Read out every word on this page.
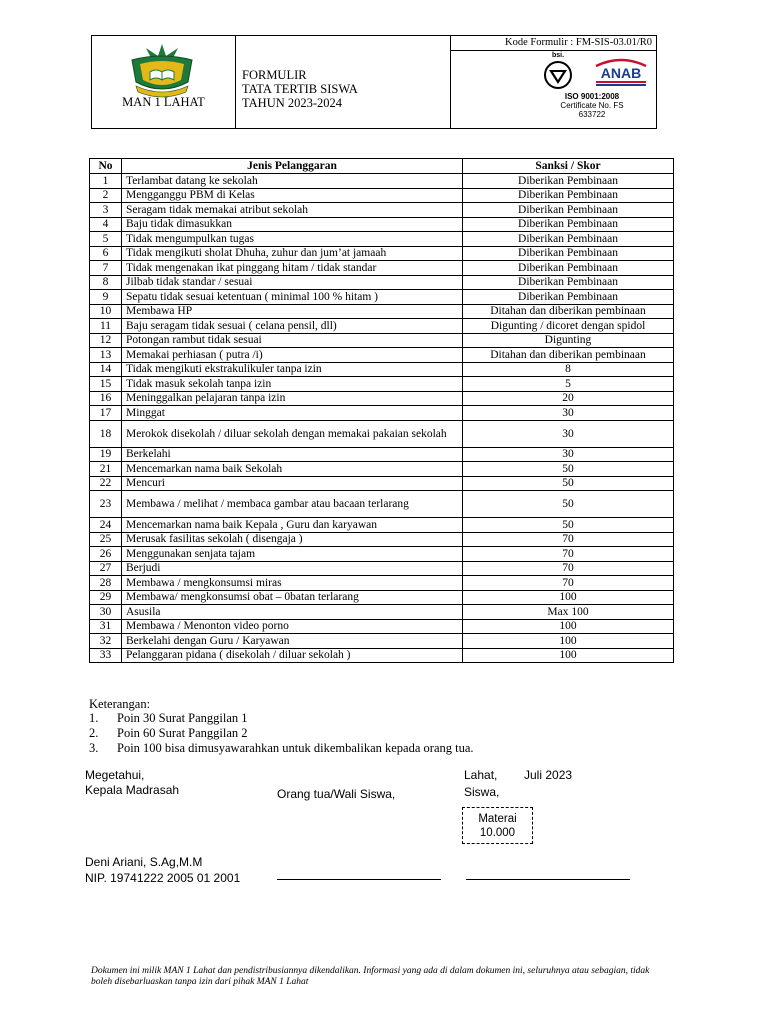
MAN 1 LAHAT
FORMULIR
TATA TERTIB SISWA
TAHUN 2023-2024
Kode Formulir : FM-SIS-03.01/R0
bsi.
ANAB
ISO 9001:2008
Certificate No. FS
633722
No	Jenis Pelanggaran	Sanksi / Skor
1	Terlambat datang ke sekolah	Diberikan Pembinaan
2	Mengganggu PBM di Kelas	Diberikan Pembinaan
3	Seragam tidak memakai atribut sekolah	Diberikan Pembinaan
4	Baju tidak dimasukkan	Diberikan Pembinaan
5	Tidak mengumpulkan tugas	Diberikan Pembinaan
6	Tidak mengikuti sholat Dhuha, zuhur dan jum’at jamaah	Diberikan Pembinaan
7	Tidak mengenakan ikat pinggang hitam / tidak standar	Diberikan Pembinaan
8	Jilbab tidak standar / sesuai	Diberikan Pembinaan
9	Sepatu tidak sesuai ketentuan ( minimal 100 % hitam )	Diberikan Pembinaan
10	Membawa HP	Ditahan dan diberikan pembinaan
11	Baju seragam tidak sesuai ( celana pensil, dll)	Digunting / dicoret dengan spidol
12	Potongan rambut tidak sesuai	Digunting
13	Memakai perhiasan ( putra /i)	Ditahan dan diberikan pembinaan
14	Tidak mengikuti ekstrakulikuler tanpa izin	8
15	Tidak masuk sekolah tanpa izin	5
16	Meninggalkan pelajaran tanpa izin	20
17	Minggat	30
18	Merokok disekolah / diluar sekolah dengan memakai pakaian sekolah	30
19	Berkelahi	30
21	Mencemarkan nama baik Sekolah	50
22	Mencuri	50
23	Membawa / melihat / membaca gambar atau bacaan terlarang	50
24	Mencemarkan nama baik Kepala , Guru dan karyawan	50
25	Merusak fasilitas sekolah ( disengaja )	70
26	Menggunakan senjata tajam	70
27	Berjudi	70
28	Membawa / mengkonsumsi miras	70
29	Membawa/ mengkonsumsi obat – 0batan terlarang	100
30	Asusila	Max 100
31	Membawa / Menonton video porno	100
32	Berkelahi dengan Guru / Karyawan	100
33	Pelanggaran pidana ( disekolah / diluar sekolah )	100
Keterangan:
1. Poin 30 Surat Panggilan 1
2. Poin 60 Surat Panggilan 2
3. Poin 100 bisa dimusyawarahkan untuk dikembalikan kepada orang tua.
Megetahui,
Kepala Madrasah	Orang tua/Wali Siswa,
Lahat, Juli 2023
Siswa,
Materai
10.000
Deni Ariani, S.Ag,M.M
NIP. 19741222 2005 01 2001
Dokumen ini milik MAN 1 Lahat dan pendistribusiannya dikendalikan. Informasi yang ada di dalam dokumen ini, seluruhnya atau sebagian, tidak boleh disebarluaskan tanpa izin dari pihak MAN 1 Lahat
